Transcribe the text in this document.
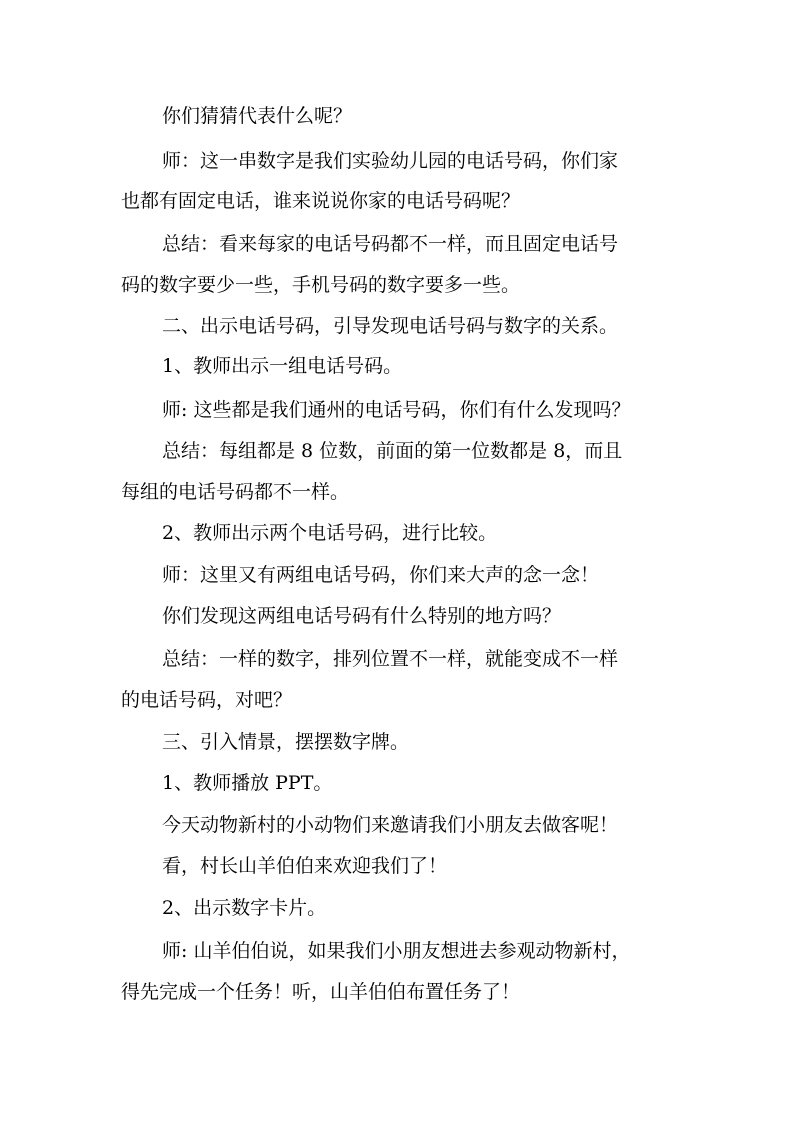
你们猜猜代表什么呢？
师：这一串数字是我们实验幼儿园的电话号码，你们家
也都有固定电话，谁来说说你家的电话号码呢？
总结：看来每家的电话号码都不一样，而且固定电话号
码的数字要少一些，手机号码的数字要多一些。
二、出示电话号码，引导发现电话号码与数字的关系。
1、教师出示一组电话号码。
师: 这些都是我们通州的电话号码，你们有什么发现吗？
总结：每组都是 8 位数，前面的第一位数都是 8，而且
每组的电话号码都不一样。
2、教师出示两个电话号码，进行比较。
师：这里又有两组电话号码，你们来大声的念一念！
你们发现这两组电话号码有什么特别的地方吗？
总结：一样的数字，排列位置不一样，就能变成不一样
的电话号码，对吧？
三、引入情景，摆摆数字牌。
1、教师播放 PPT。
今天动物新村的小动物们来邀请我们小朋友去做客呢！
看，村长山羊伯伯来欢迎我们了！
2、出示数字卡片。
师: 山羊伯伯说，如果我们小朋友想进去参观动物新村，
得先完成一个任务！听，山羊伯伯布置任务了！
